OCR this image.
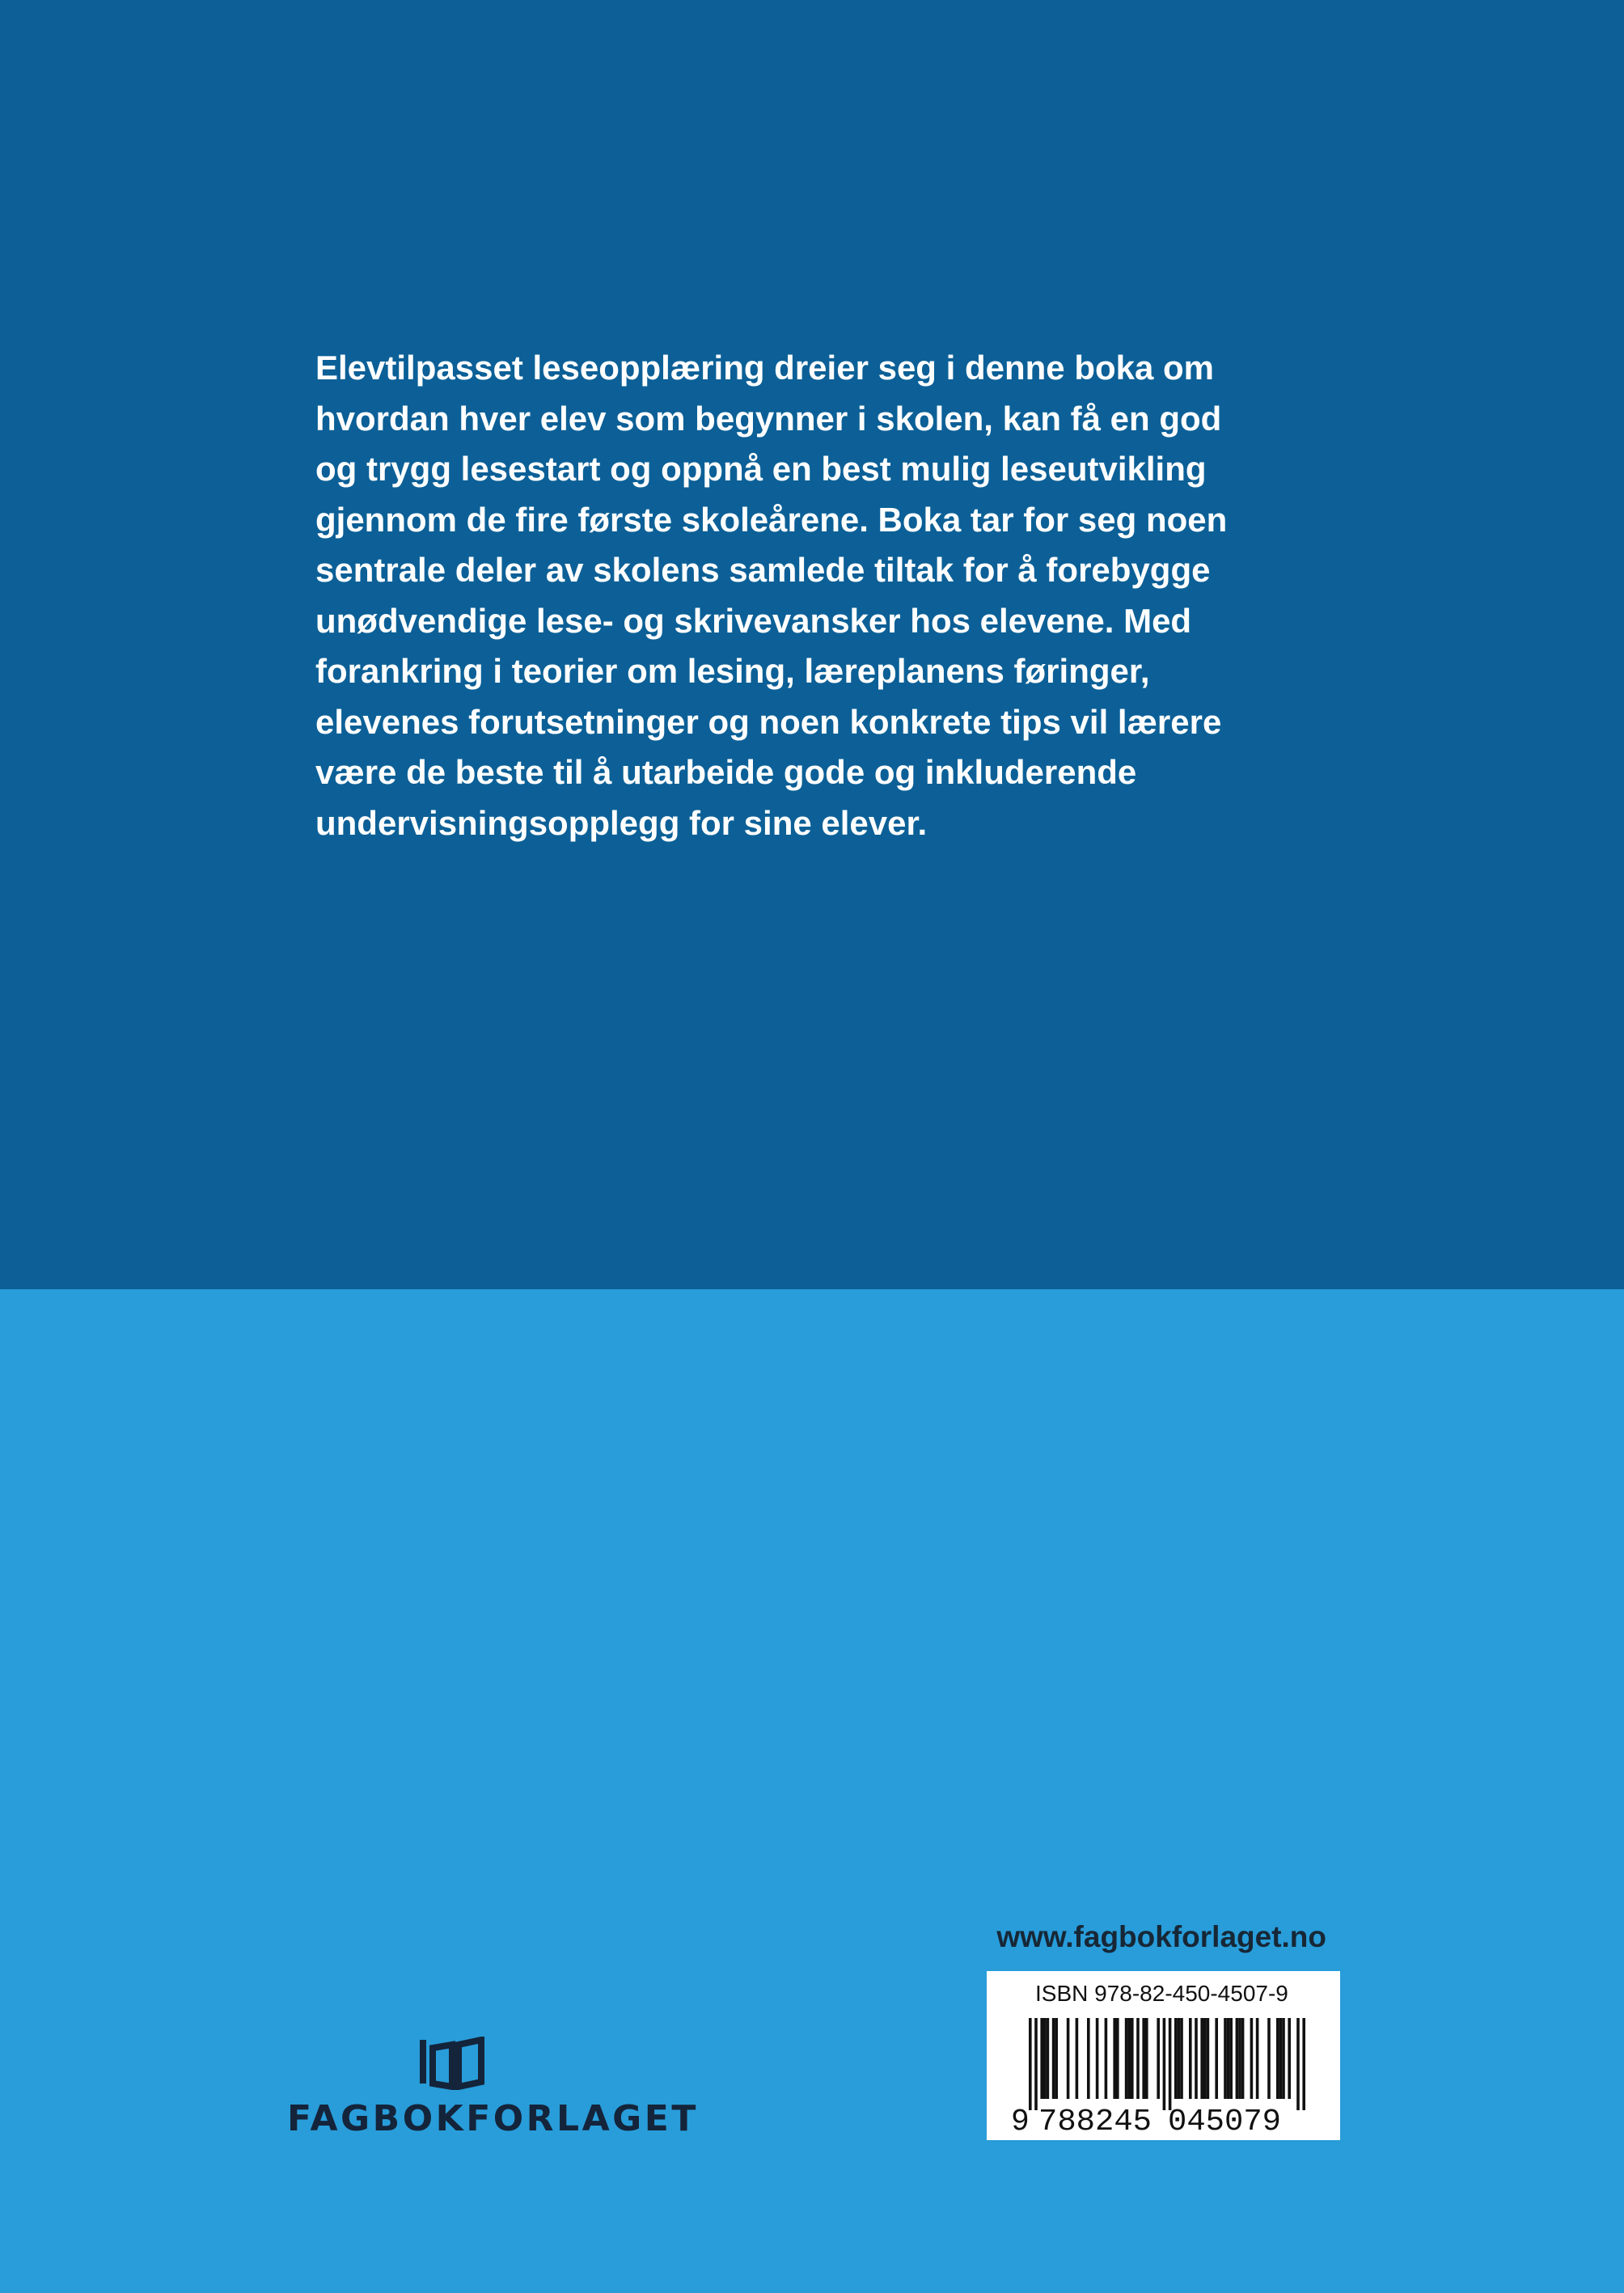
Elevtilpasset leseopplæring dreier seg i denne boka om
hvordan hver elev som begynner i skolen, kan få en god
og trygg lesestart og oppnå en best mulig leseutvikling
gjennom de fire første skoleårene. Boka tar for seg noen
sentrale deler av skolens samlede tiltak for å forebygge
unødvendige lese- og skrivevansker hos elevene. Med
forankring i teorier om lesing, læreplanens føringer,
elevenes forutsetninger og noen konkrete tips vil lærere
være de beste til å utarbeide gode og inkluderende
undervisningsopplegg for sine elever.

www.fagbokforlaget.no
ISBN 978-82-450-4507-9
9 788245 045079
FAGBOKFORLAGET
